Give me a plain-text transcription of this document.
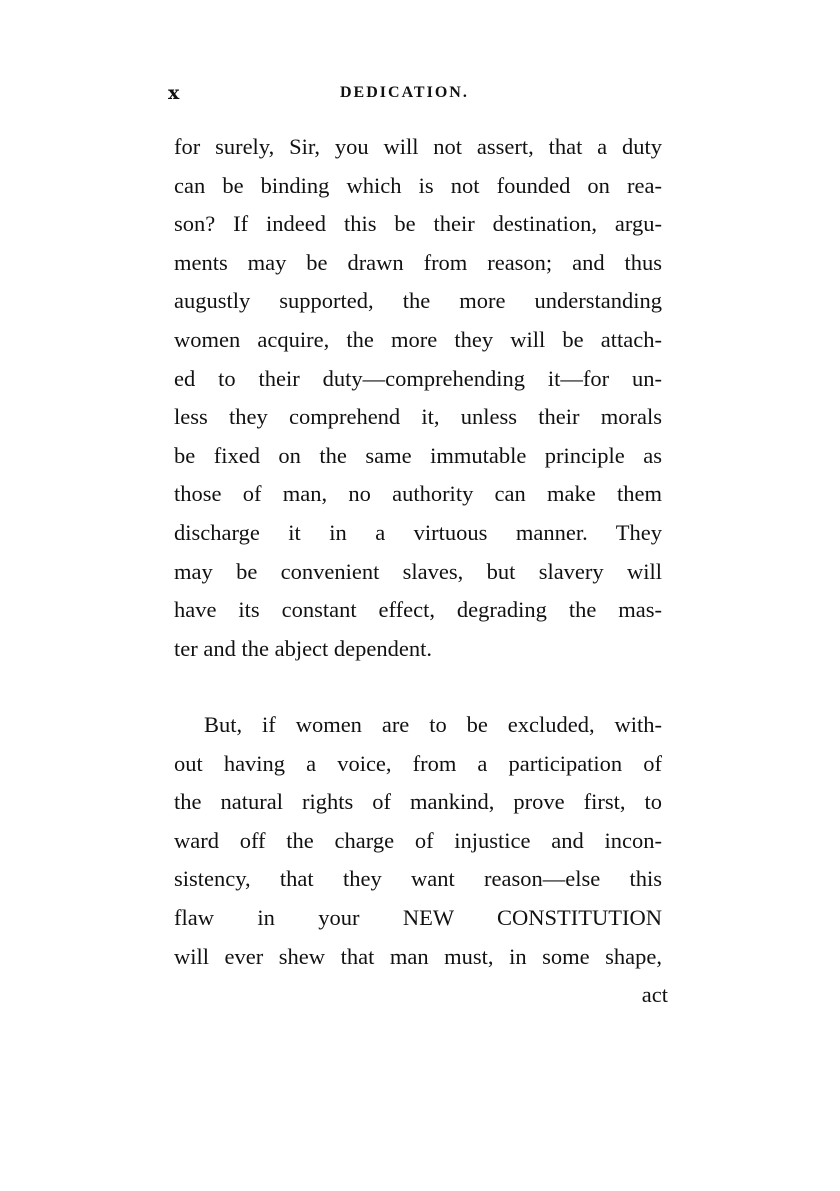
x	DEDICATION.
for surely, Sir, you will not assert, that a duty
can be binding which is not founded on rea-
son? If indeed this be their destination, argu-
ments may be drawn from reason; and thus
augustly supported, the more understanding
women acquire, the more they will be attach-
ed to their duty—comprehending it—for un-
less they comprehend it, unless their morals
be fixed on the same immutable principle as
those of man, no authority can make them
discharge it in a virtuous manner. They
may be convenient slaves, but slavery will
have its constant effect, degrading the mas-
ter and the abject dependent.
But, if women are to be excluded, with-
out having a voice, from a participation of
the natural rights of mankind, prove first, to
ward off the charge of injustice and incon-
sistency, that they want reason—else this
flaw in your NEW CONSTITUTION
will ever shew that man must, in some shape,
act
